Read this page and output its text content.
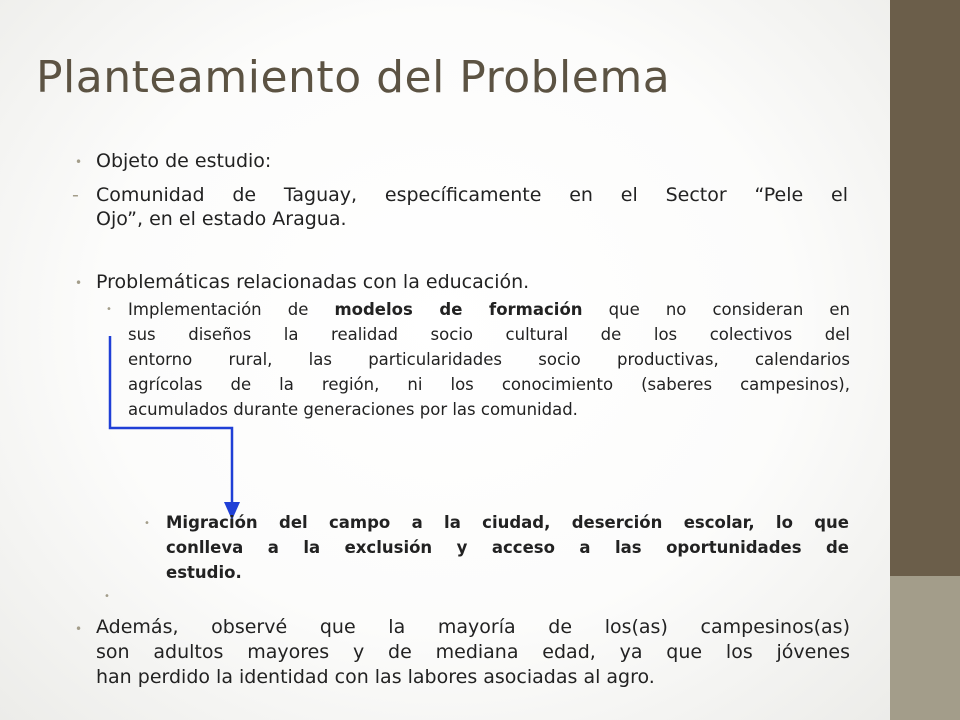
Planteamiento del Problema
• Objeto de estudio:
- Comunidad de Taguay, específicamente en el Sector “Pele el
Ojo”, en el estado Aragua.
• Problemáticas relacionadas con la educación.
• Implementación de modelos de formación que no consideran en
sus diseños la realidad socio cultural de los colectivos del
entorno rural, las particularidades socio productivas, calendarios
agrícolas de la región, ni los conocimiento (saberes campesinos),
acumulados durante generaciones por las comunidad.
• Migración del campo a la ciudad, deserción escolar, lo que
conlleva a la exclusión y acceso a las oportunidades de
estudio.
•
• Además, observé que la mayoría de los(as) campesinos(as)
son adultos mayores y de mediana edad, ya que los jóvenes
han perdido la identidad con las labores asociadas al agro.
